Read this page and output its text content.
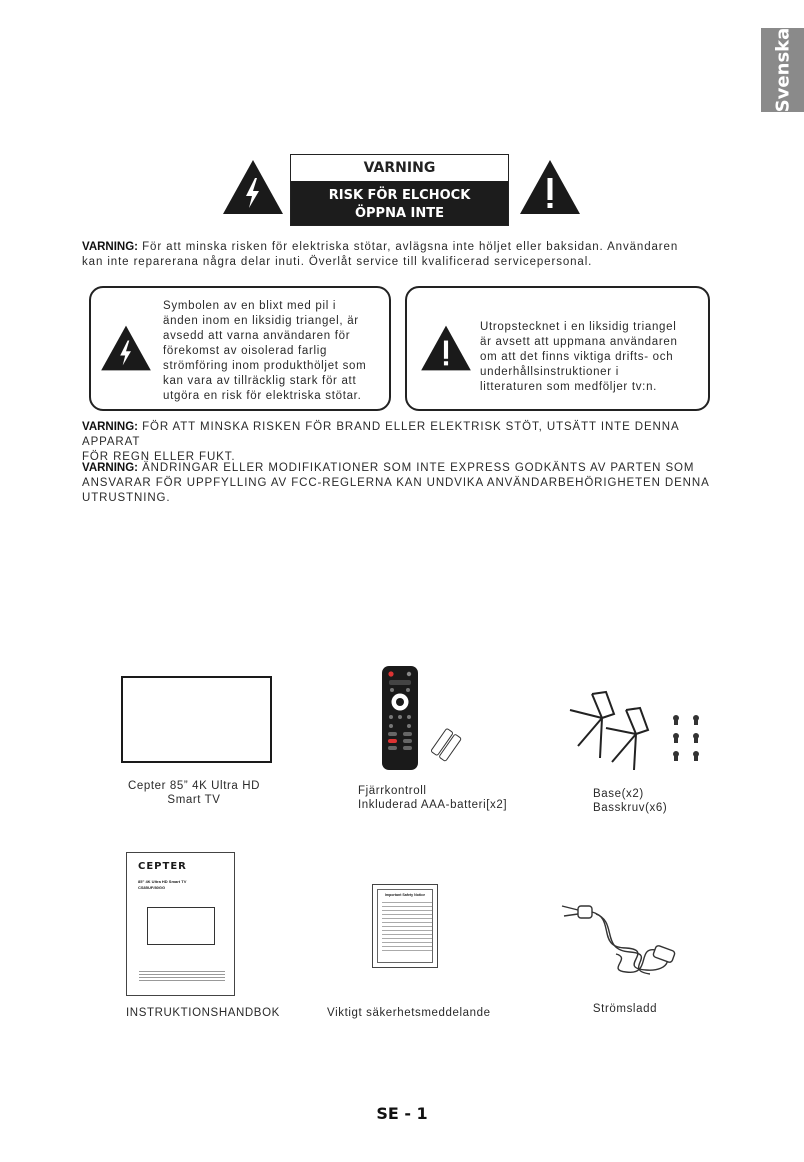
Svenska
VARNING
RISK FÖR ELCHOCK
ÖPPNA INTE
VARNING: För att minska risken för elektriska stötar, avlägsna inte höljet eller baksidan. Användaren
kan inte reparerana några delar inuti. Överlåt service till kvalificerad servicepersonal.
Symbolen av en blixt med pil i
änden inom en liksidig triangel, är
avsedd att varna användaren för
förekomst av oisolerad farlig
strömföring inom produkthöljet som
kan vara av tillräcklig stark för att
utgöra en risk för elektriska stötar.
Utropstecknet i en liksidig triangel
är avsett att uppmana användaren
om att det finns viktiga drifts- och
underhållsinstruktioner i
litteraturen som medföljer tv:n.
VARNING: FÖR ATT MINSKA RISKEN FÖR BRAND ELLER ELEKTRISK STÖT, UTSÄTT INTE DENNA APPARAT
FÖR REGN ELLER FUKT.
VARNING: ÄNDRINGAR ELLER MODIFIKATIONER SOM INTE EXPRESS GODKÄNTS AV PARTEN SOM
ANSVARAR FÖR UPPFYLLING AV FCC-REGLERNA KAN UNDVIKA ANVÄNDARBEHÖRIGHETEN DENNA
UTRUSTNING.
Cepter 85” 4K Ultra HD
Smart TV
Fjärrkontroll
Inkluderad AAA-batteri[x2]
Base(x2)
Basskruv(x6)
CEPTER
85" 4K Ultra HD Smart TV
CS85UF/80GG
INSTRUKTIONSHANDBOK
Important Safety Notice
Viktigt säkerhetsmeddelande	Strömsladd
SE - 1
